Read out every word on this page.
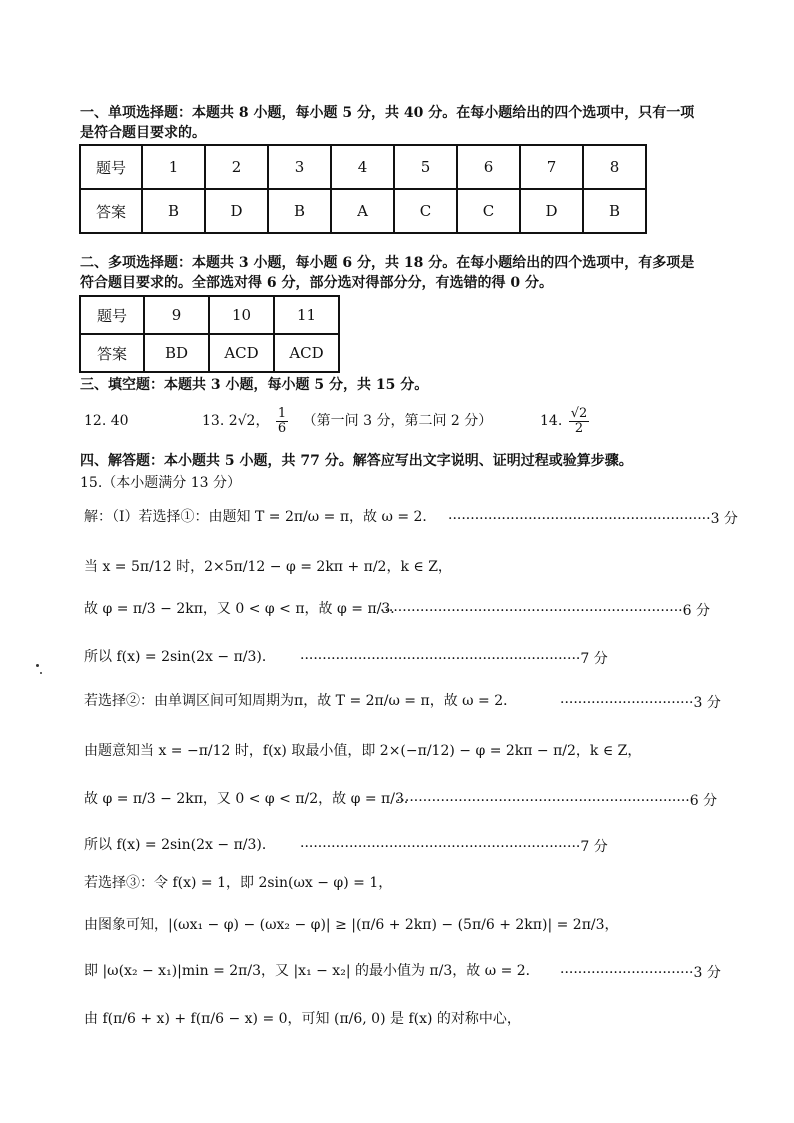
一、单项选择题：本题共 8 小题，每小题 5 分，共 40 分。在每小题给出的四个选项中，只有一项
是符合题目要求的。
题号	1	2	3	4	5	6	7	8
答案	B	D	B	A	C	C	D	B
二、多项选择题：本题共 3 小题，每小题 6 分，共 18 分。在每小题给出的四个选项中，有多项是
符合题目要求的。全部选对得 6 分，部分选对得部分分，有选错的得 0 分。
题号	9	10	11
答案	BD	ACD	ACD
三、填空题：本题共 3 小题，每小题 5 分，共 15 分。
12. 40	13. 2√2， $\frac{1}{6}$ （第一问 3 分，第二问 2 分）	14. $\frac{√2}{2}$
四、解答题：本小题共 5 小题，共 77 分。解答应写出文字说明、证明过程或验算步骤。
15.（本小题满分 13 分）
解：（Ⅰ）若选择①：由题知 T = 2π/ω = π，故 ω = 2． ···························································3 分
当 x = 5π/12 时，2×5π/12 − φ = 2kπ + π/2，k ∈ Z，
故 φ = π/3 − 2kπ，又 0 < φ < π，故 φ = π/3．
····································································6 分
所以 f(x) = 2sin(2x − π/3)． ·······························································7 分
若选择②：由单调区间可知周期为π，故 T = 2π/ω = π，故 ω = 2．	······························3 分
由题意知当 x = −π/12 时，f(x) 取最小值，即 2×(−π/12) − φ = 2kπ − π/2，k ∈ Z，
故 φ = π/3 − 2kπ，又 0 < φ < π/2，故 φ = π/3．
··································································6 分
所以 f(x) = 2sin(2x − π/3)． ·······························································7 分
若选择③：令 f(x) = 1，即 2sin(ωx − φ) = 1，
由图象可知，|(ωx₁ − φ) − (ωx₂ − φ)| ≥ |(π/6 + 2kπ) − (5π/6 + 2kπ)| = 2π/3，
即 |ω(x₂ − x₁)|min = 2π/3，又 |x₁ − x₂| 的最小值为 π/3，故 ω = 2． ······························3 分
由 f(π/6 + x) + f(π/6 − x) = 0，可知 (π/6, 0) 是 f(x) 的对称中心，
